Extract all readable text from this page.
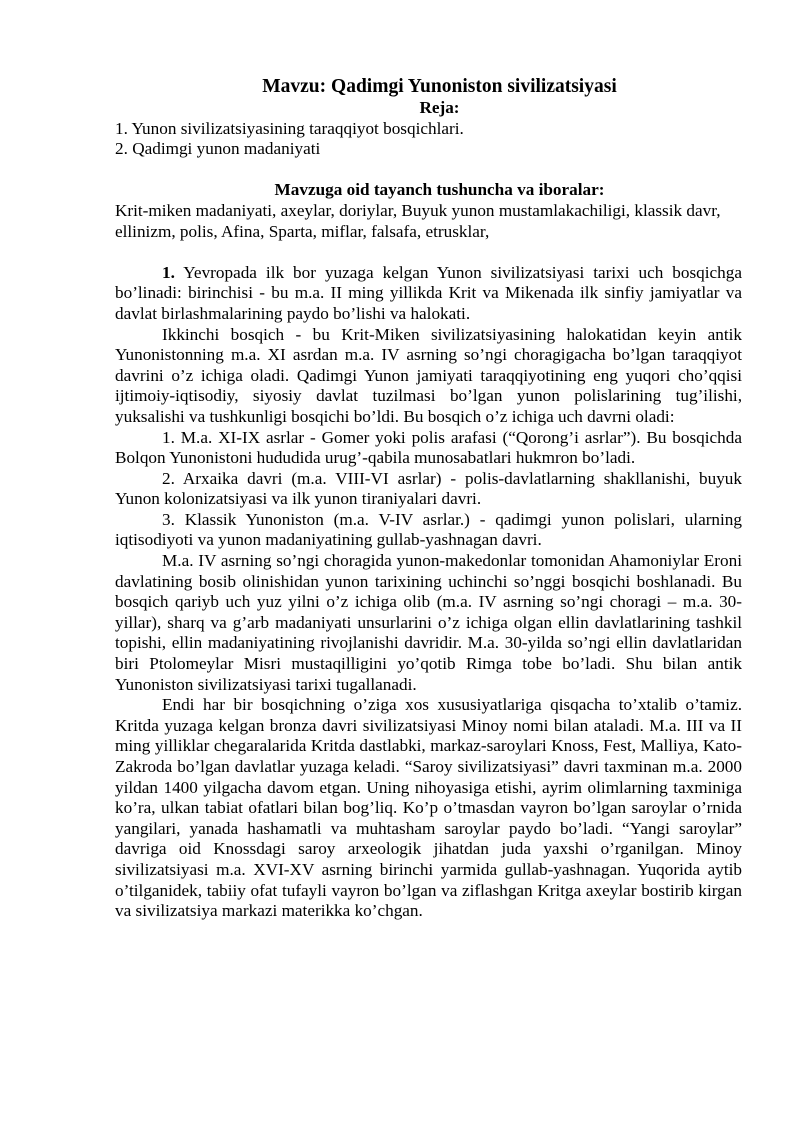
Mavzu: Qadimgi Yunoniston sivilizatsiyasi

Reja:

1. Yunon sivilizatsiyasining taraqqiyot bosqichlari.

2. Qadimgi yunon madaniyati

Mavzuga oid tayanch tushuncha va iboralar:

Krit-miken madaniyati, axeylar, doriylar, Buyuk yunon mustamlakachiligi, klassik davr, ellinizm, polis, Afina, Sparta, miflar, falsafa, etrusklar,

1. Yevropada ilk bor yuzaga kelgan Yunon sivilizatsiyasi tarixi uch bosqichga bo’linadi: birinchisi - bu m.a. II ming yillikda Krit va Mikenada ilk sinfiy jamiyatlar va davlat birlashmalarining paydo bo’lishi va halokati.

Ikkinchi bosqich - bu Krit-Miken sivilizatsiyasining halokatidan keyin antik Yunonistonning m.a. XI asrdan m.a. IV asrning so’ngi choragigacha bo’lgan taraqqiyot davrini o’z ichiga oladi. Qadimgi Yunon jamiyati taraqqiyotining eng yuqori cho’qqisi ijtimoiy-iqtisodiy, siyosiy davlat tuzilmasi bo’lgan yunon polislarining tug’ilishi, yuksalishi va tushkunligi bosqichi bo’ldi. Bu bosqich o’z ichiga uch davrni oladi:

1. M.a. XI-IX asrlar - Gomer yoki polis arafasi (“Qorong’i asrlar”). Bu bosqichda Bolqon Yunonistoni hududida urug’-qabila munosabatlari hukmron bo’ladi.

2. Arxaika davri (m.a. VIII-VI asrlar) - polis-davlatlarning shakllanishi, buyuk Yunon kolonizatsiyasi va ilk yunon tiraniyalari davri.

3. Klassik Yunoniston (m.a. V-IV asrlar.) - qadimgi yunon polislari, ularning iqtisodiyoti va yunon madaniyatining gullab-yashnagan davri.

M.a. IV asrning so’ngi choragida yunon-makedonlar tomonidan Ahamoniylar Eroni davlatining bosib olinishidan yunon tarixining uchinchi so’nggi bosqichi boshlanadi. Bu bosqich qariyb uch yuz yilni o’z ichiga olib (m.a. IV asrning so’ngi choragi – m.a. 30-yillar), sharq va g’arb madaniyati unsurlarini o’z ichiga olgan ellin davlatlarining tashkil topishi, ellin madaniyatining rivojlanishi davridir. M.a. 30-yilda so’ngi ellin davlatlaridan biri Ptolomeylar Misri mustaqilligini yo’qotib Rimga tobe bo’ladi. Shu bilan antik Yunoniston sivilizatsiyasi tarixi tugallanadi.

Endi har bir bosqichning o’ziga xos xususiyatlariga qisqacha to’xtalib o’tamiz. Kritda yuzaga kelgan bronza davri sivilizatsiyasi Minoy nomi bilan ataladi. M.a. III va II ming yilliklar chegaralarida Kritda dastlabki, markaz-saroylari Knoss, Fest, Malliya, Kato-Zakroda bo’lgan davlatlar yuzaga keladi. “Saroy sivilizatsiyasi” davri taxminan m.a. 2000 yildan 1400 yilgacha davom etgan. Uning nihoyasiga etishi, ayrim olimlarning taxminiga ko’ra, ulkan tabiat ofatlari bilan bog’liq. Ko’p o’tmasdan vayron bo’lgan saroylar o’rnida yangilari, yanada hashamatli va muhtasham saroylar paydo bo’ladi. “Yangi saroylar” davriga oid Knossdagi saroy arxeologik jihatdan juda yaxshi o’rganilgan. Minoy sivilizatsiyasi m.a. XVI-XV asrning birinchi yarmida gullab-yashnagan. Yuqorida aytib o’tilganidek, tabiiy ofat tufayli vayron bo’lgan va ziflashgan Kritga axeylar bostirib kirgan va sivilizatsiya markazi materikka ko’chgan.
